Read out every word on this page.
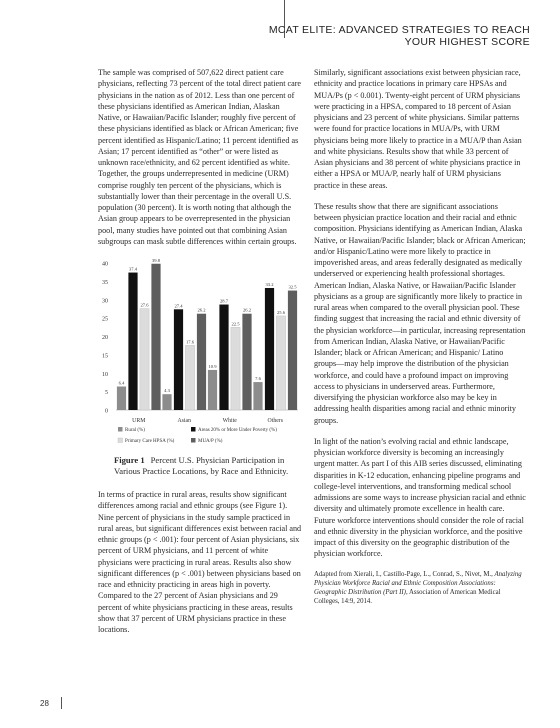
MCAT ELITE: ADVANCED STRATEGIES TO REACH
YOUR HIGHEST SCORE

The sample was comprised of 507,622 direct patient care physicians, reflecting 73 percent of the total direct patient care physicians in the nation as of 2012. Less than one percent of these physicians identified as American Indian, Alaskan Native, or Hawaiian/Pacific Islander; roughly five percent of these physicians identified as black or African American; five percent identified as Hispanic/Latino; 11 percent identified as Asian; 17 percent identified as “other” or were listed as unknown race/ethnicity, and 62 percent identified as white. Together, the groups underrepresented in medicine (URM) comprise roughly ten percent of the physicians, which is substantially lower than their percentage in the overall U.S. population (30 percent). It is worth noting that although the Asian group appears to be overrepresented in the physician pool, many studies have pointed out that combining Asian subgroups can mask subtle differences within certain groups.

Figure 1 Percent U.S. Physician Participation in Various Practice Locations, by Race and Ethnicity.

In terms of practice in rural areas, results show significant differences among racial and ethnic groups (see Figure 1). Nine percent of physicians in the study sample practiced in rural areas, but significant differences exist between racial and ethnic groups (p < .001): four percent of Asian physicians, six percent of URM physicians, and 11 percent of white physicians were practicing in rural areas. Results also show significant differences (p < .001) between physicians based on race and ethnicity practicing in areas high in poverty. Compared to the 27 percent of Asian physicians and 29 percent of white physicians practicing in these areas, results show that 37 percent of URM physicians practice in these locations.

0
5
10
15
20
25
30
35
40
6.4
37.4
27.6
39.8
URM
4.3
27.4
17.6
26.2
Asian
10.9
28.7
22.5
26.2
White
7.6
33.2
25.6
32.5
Others
Rural (%)	Areas 20% or More Under Poverty (%)
Primary Care HPSA (%)	MUA/P (%)

Similarly, significant associations exist between physician race, ethnicity and practice locations in primary care HPSAs and MUA/Ps (p < 0.001). Twenty-eight percent of URM physicians were practicing in a HPSA, compared to 18 percent of Asian physicians and 23 percent of white physicians. Similar patterns were found for practice locations in MUA/Ps, with URM physicians being more likely to practice in a MUA/P than Asian and white physicians. Results show that while 33 percent of Asian physicians and 38 percent of white physicians practice in either a HPSA or MUA/P, nearly half of URM physicians practice in these areas.

These results show that there are significant associations between physician practice location and their racial and ethnic composition. Physicians identifying as American Indian, Alaska Native, or Hawaiian/Pacific Islander; black or African American; and/or Hispanic/Latino were more likely to practice in impoverished areas, and areas federally designated as medically underserved or experiencing health professional shortages. American Indian, Alaska Native, or Hawaiian/Pacific Islander physicians as a group are significantly more likely to practice in rural areas when compared to the overall physician pool. These finding suggest that increasing the racial and ethnic diversity of the physician workforce—in particular, increasing representation from American Indian, Alaska Native, or Hawaiian/Pacific Islander; black or African American; and Hispanic/ Latino groups—may help improve the distribution of the physician workforce, and could have a profound impact on improving access to physicians in underserved areas. Furthermore, diversifying the physician workforce also may be key in addressing health disparities among racial and ethnic minority groups.

In light of the nation’s evolving racial and ethnic landscape, physician workforce diversity is becoming an increasingly urgent matter. As part I of this AIB series discussed, eliminating disparities in K-12 education, enhancing pipeline programs and college-level interventions, and transforming medical school admissions are some ways to increase physician racial and ethnic diversity and ultimately promote excellence in health care. Future workforce interventions should consider the role of racial and ethnic diversity in the physician workforce, and the positive impact of this diversity on the geographic distribution of the physician workforce.

Adapted from Xierali, I., Castillo-Page, L., Conrad, S., Nivet, M., Analyzing Physician Workforce Racial and Ethnic Composition Associations: Geographic Distribution (Part II), Association of American Medical Colleges, 14:9, 2014.

28
